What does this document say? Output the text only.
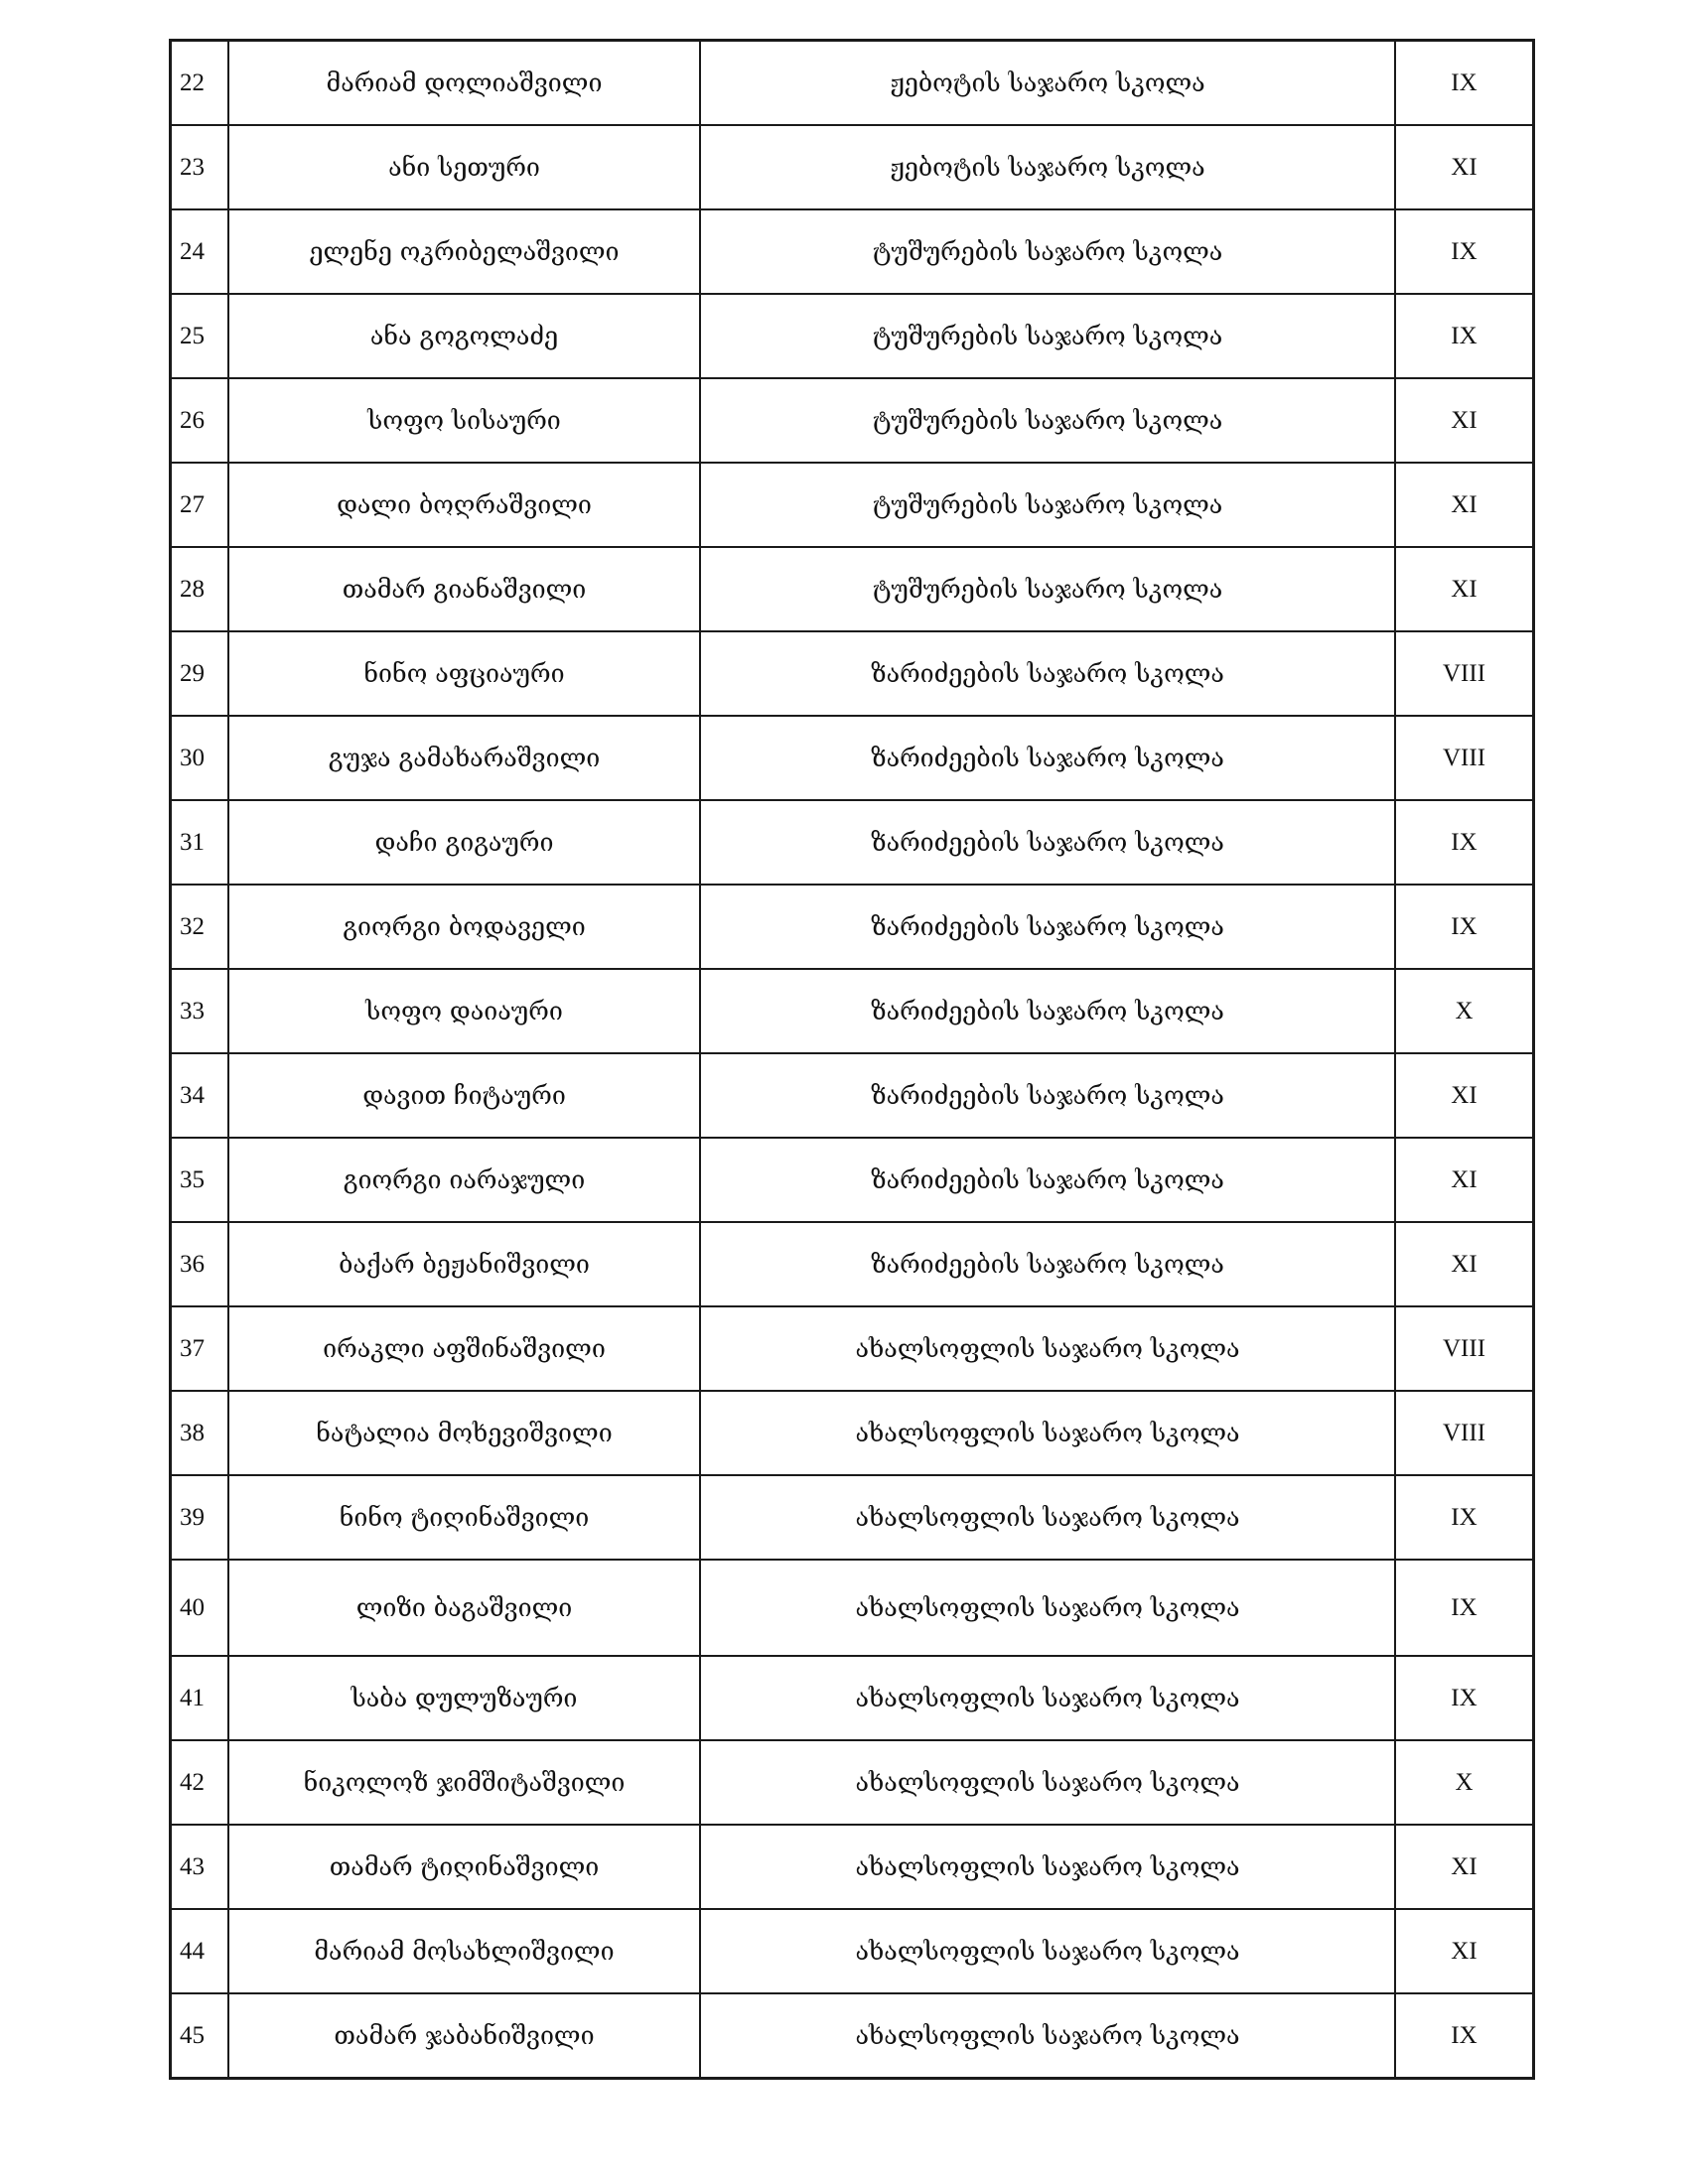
22	მარიამ დოლიაშვილი	ჟებოტის საჯარო სკოლა	IX
23	ანი სეთური	ჟებოტის საჯარო სკოლა	XI
24	ელენე ოკრიბელაშვილი	ტუშურების საჯარო სკოლა	IX
25	ანა გოგოლაძე	ტუშურების საჯარო სკოლა	IX
26	სოფო სისაური	ტუშურების საჯარო სკოლა	XI
27	დალი ბოღრაშვილი	ტუშურების საჯარო სკოლა	XI
28	თამარ გიანაშვილი	ტუშურების საჯარო სკოლა	XI
29	ნინო აფციაური	ზარიძეების საჯარო სკოლა	VIII
30	გუჯა გამახარაშვილი	ზარიძეების საჯარო სკოლა	VIII
31	დაჩი გიგაური	ზარიძეების საჯარო სკოლა	IX
32	გიორგი ბოდაველი	ზარიძეების საჯარო სკოლა	IX
33	სოფო დაიაური	ზარიძეების საჯარო სკოლა	X
34	დავით ჩიტაური	ზარიძეების საჯარო სკოლა	XI
35	გიორგი იარაჯული	ზარიძეების საჯარო სკოლა	XI
36	ბაქარ ბეჟანიშვილი	ზარიძეების საჯარო სკოლა	XI
37	ირაკლი აფშინაშვილი	ახალსოფლის საჯარო სკოლა	VIII
38	ნატალია მოხევიშვილი	ახალსოფლის საჯარო სკოლა	VIII
39	ნინო ტიღინაშვილი	ახალსოფლის საჯარო სკოლა	IX
40	ლიზი ბაგაშვილი	ახალსოფლის საჯარო სკოლა	IX
41	საბა დულუზაური	ახალსოფლის საჯარო სკოლა	IX
42	ნიკოლოზ ჯიმშიტაშვილი	ახალსოფლის საჯარო სკოლა	X
43	თამარ ტიღინაშვილი	ახალსოფლის საჯარო სკოლა	XI
44	მარიამ მოსახლიშვილი	ახალსოფლის საჯარო სკოლა	XI
45	თამარ ჯაბანიშვილი	ახალსოფლის საჯარო სკოლა	IX
